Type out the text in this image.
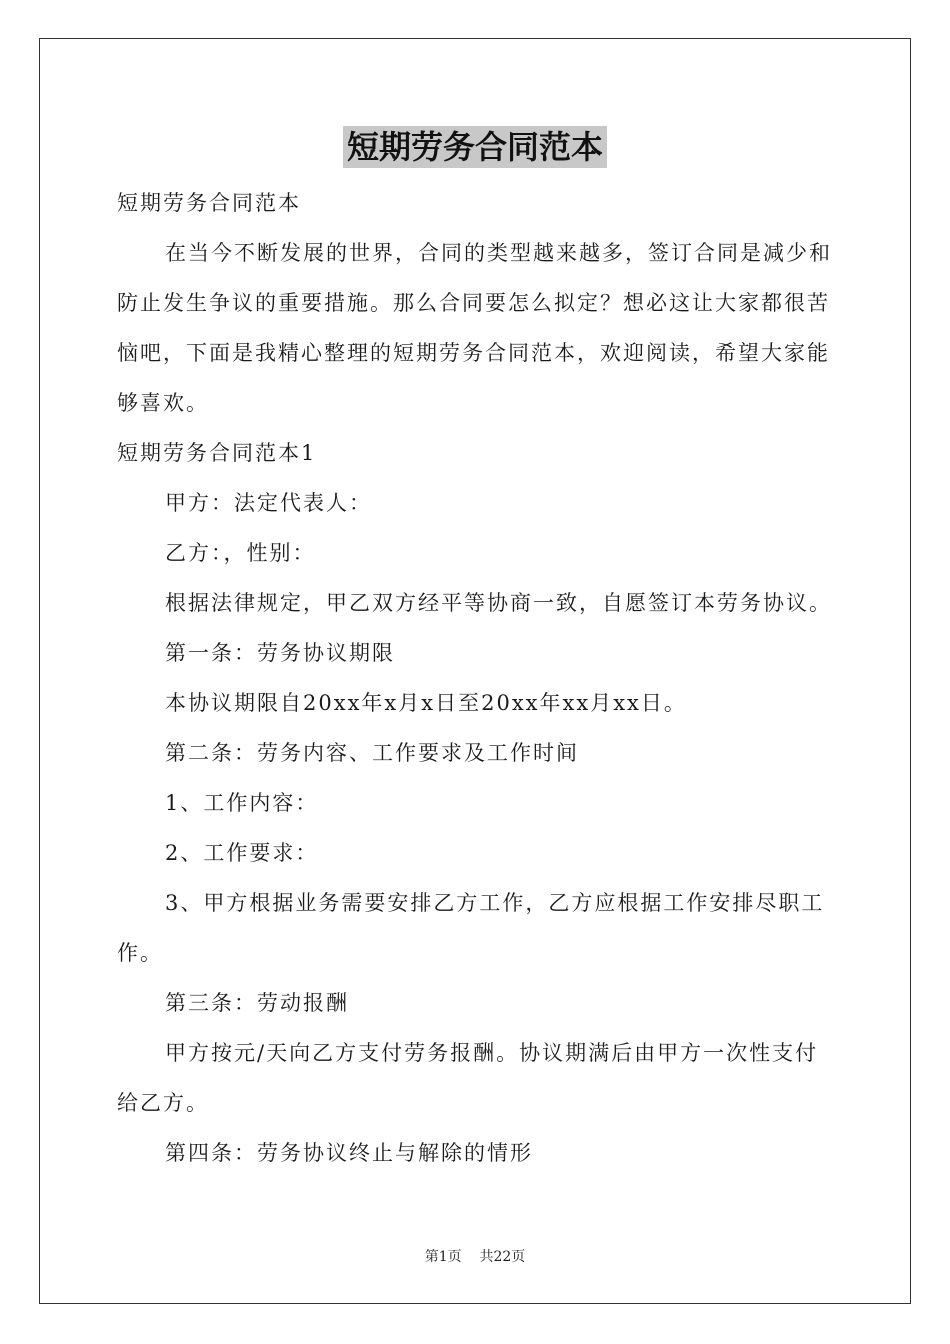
短期劳务合同范本

短期劳务合同范本

在当今不断发展的世界，合同的类型越来越多，签订合同是减少和防止发生争议的重要措施。那么合同要怎么拟定？想必这让大家都很苦恼吧，下面是我精心整理的短期劳务合同范本，欢迎阅读，希望大家能够喜欢。

短期劳务合同范本1

甲方：法定代表人：

乙方：，性别：

根据法律规定，甲乙双方经平等协商一致，自愿签订本劳务协议。

第一条：劳务协议期限

本协议期限自20xx年x月x日至20xx年xx月xx日。

第二条：劳务内容、工作要求及工作时间

1、工作内容：

2、工作要求：

3、甲方根据业务需要安排乙方工作，乙方应根据工作安排尽职工作。

第三条：劳动报酬

甲方按元/天向乙方支付劳务报酬。协议期满后由甲方一次性支付给乙方。

第四条：劳务协议终止与解除的情形

第1页 共22页
